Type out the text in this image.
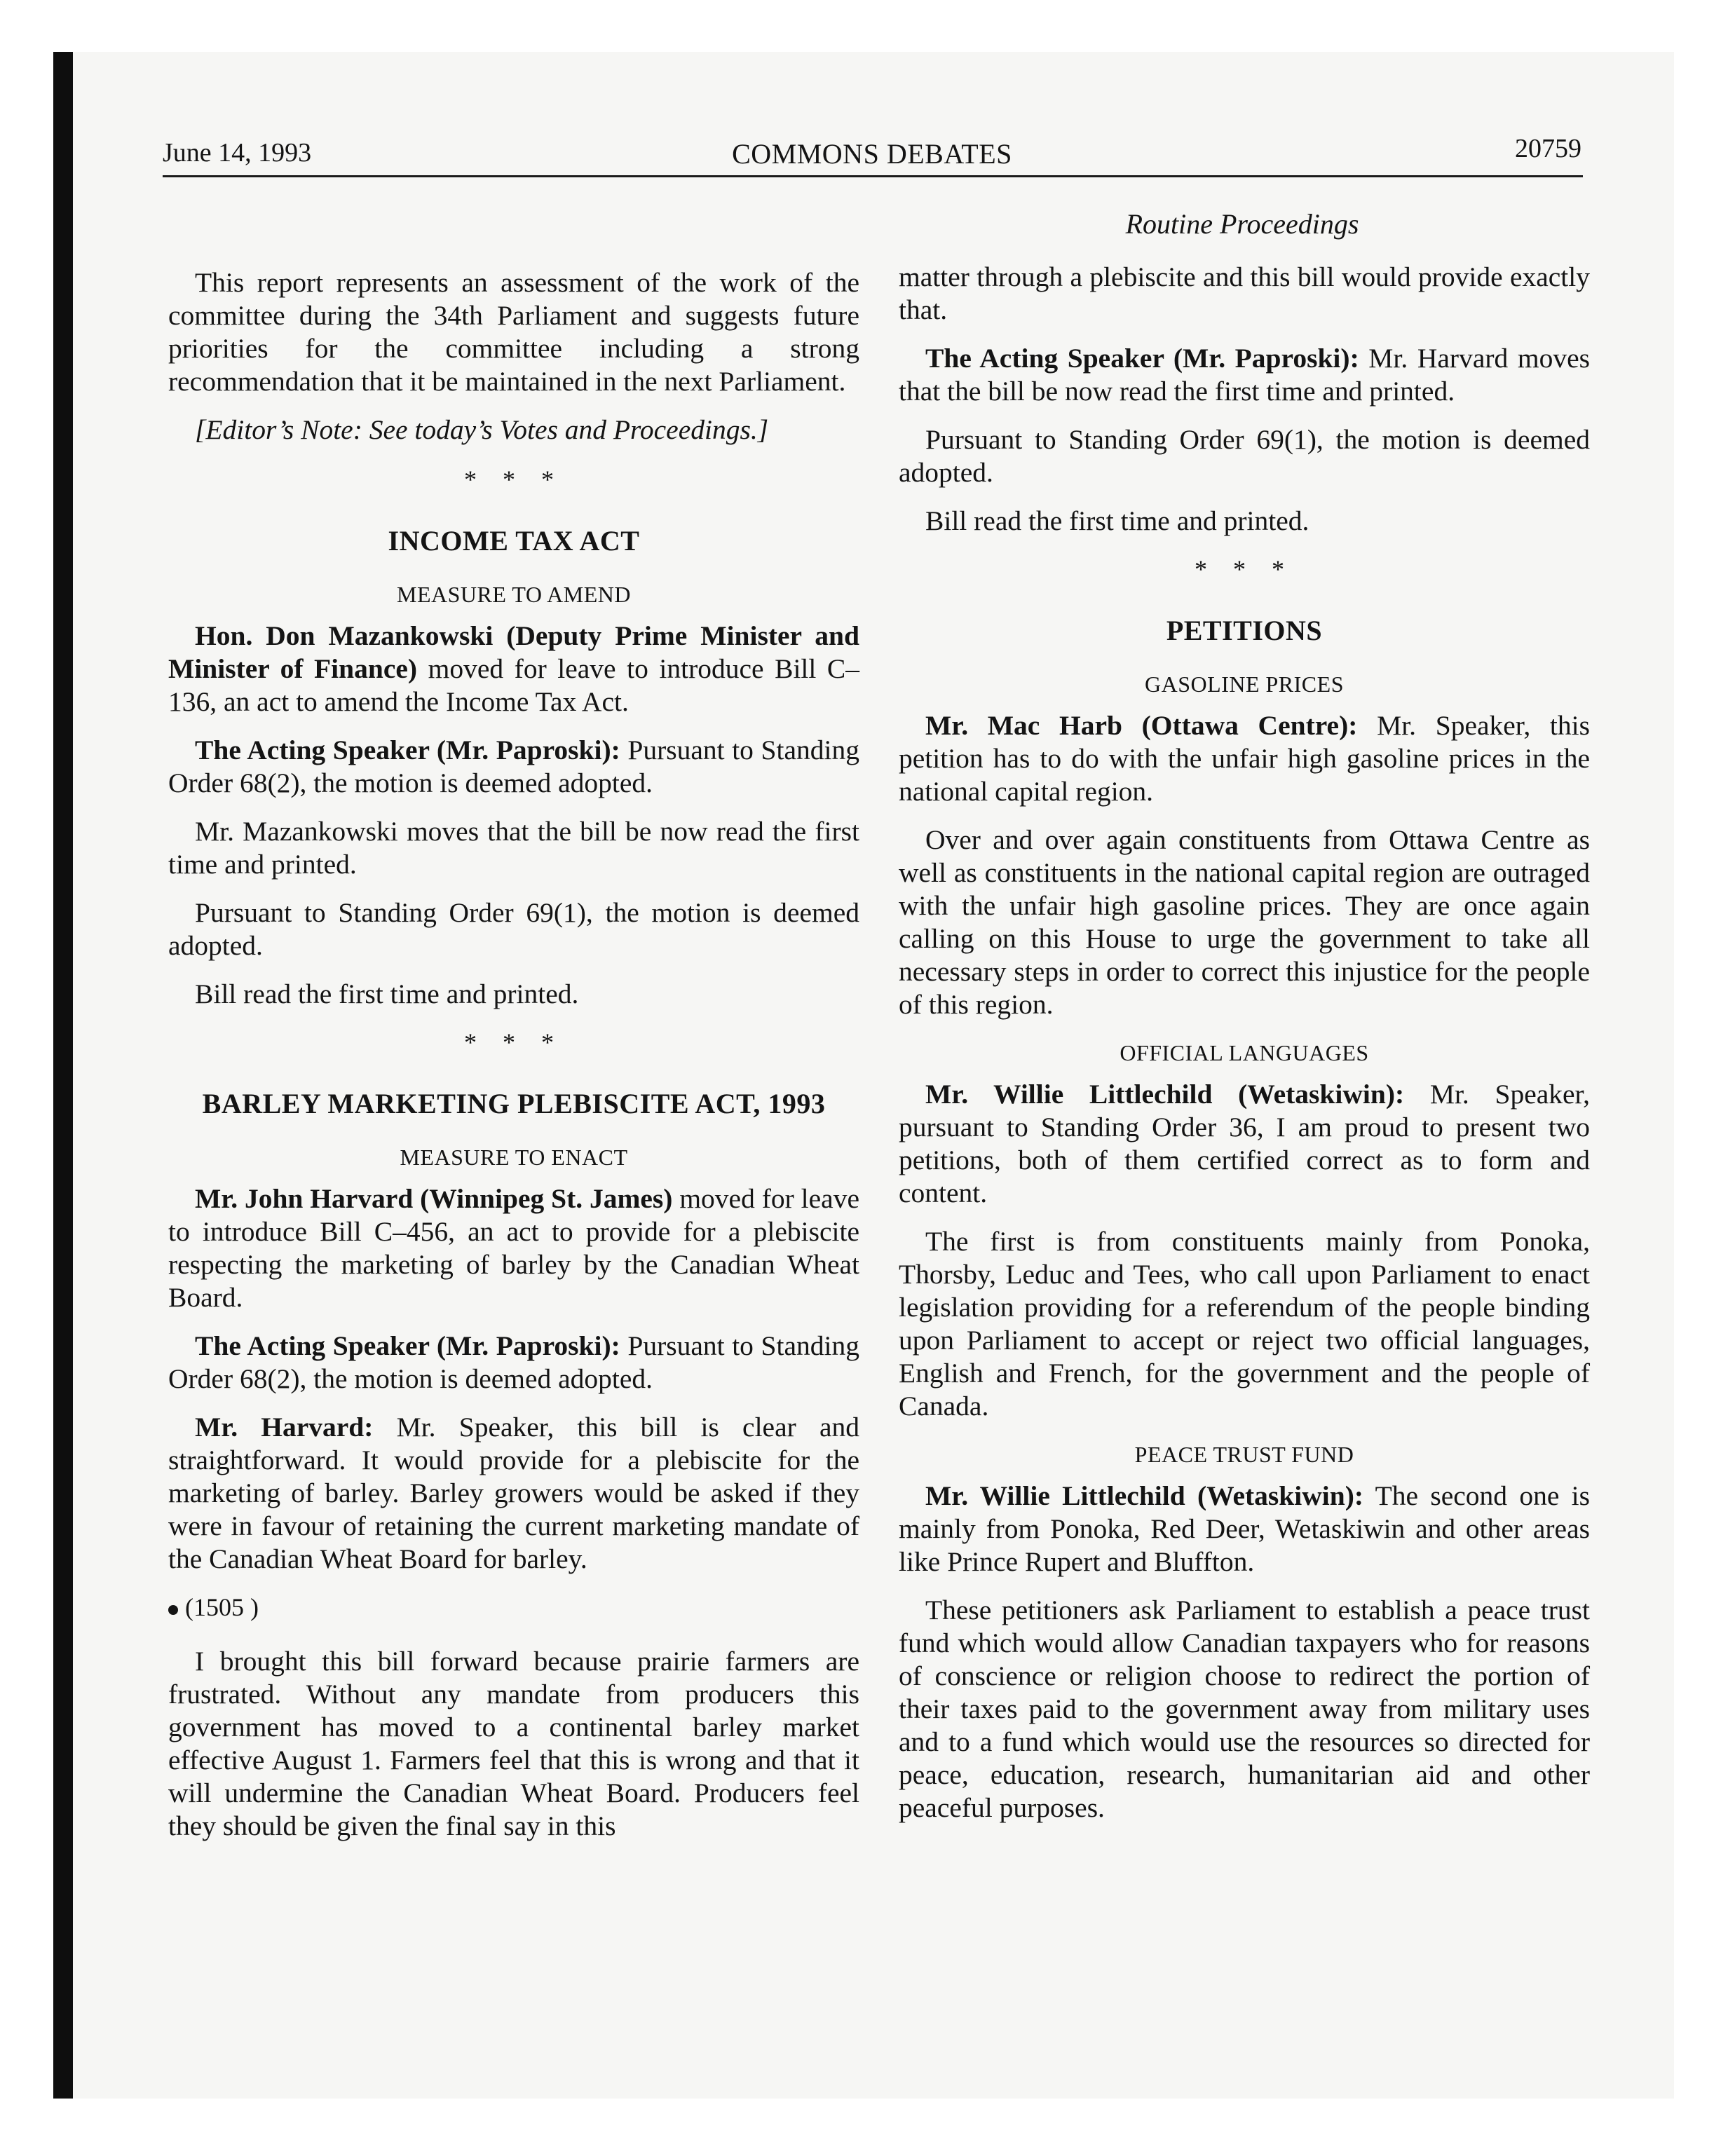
June 14, 1993	COMMONS DEBATES	20759
Routine Proceedings

This report represents an assessment of the work of the committee during the 34th Parliament and suggests future priorities for the committee including a strong recommendation that it be maintained in the next Parliament.

[Editor’s Note: See today’s Votes and Proceedings.]

* * *
INCOME TAX ACT
MEASURE TO AMEND

Hon. Don Mazankowski (Deputy Prime Minister and Minister of Finance) moved for leave to introduce Bill C–136, an act to amend the Income Tax Act.

The Acting Speaker (Mr. Paproski): Pursuant to Standing Order 68(2), the motion is deemed adopted.

Mr. Mazankowski moves that the bill be now read the first time and printed.

Pursuant to Standing Order 69(1), the motion is deemed adopted.

Bill read the first time and printed.

* * *
BARLEY MARKETING PLEBISCITE ACT, 1993
MEASURE TO ENACT

Mr. John Harvard (Winnipeg St. James) moved for leave to introduce Bill C–456, an act to provide for a plebiscite respecting the marketing of barley by the Canadian Wheat Board.

The Acting Speaker (Mr. Paproski): Pursuant to Standing Order 68(2), the motion is deemed adopted.

Mr. Harvard: Mr. Speaker, this bill is clear and straightforward. It would provide for a plebiscite for the marketing of barley. Barley growers would be asked if they were in favour of retaining the current marketing mandate of the Canadian Wheat Board for barley.

(1505 )

I brought this bill forward because prairie farmers are frustrated. Without any mandate from producers this government has moved to a continental barley market effective August 1. Farmers feel that this is wrong and that it will undermine the Canadian Wheat Board. Producers feel they should be given the final say in this

matter through a plebiscite and this bill would provide exactly that.

The Acting Speaker (Mr. Paproski): Mr. Harvard moves that the bill be now read the first time and printed.

Pursuant to Standing Order 69(1), the motion is deemed adopted.

Bill read the first time and printed.

* * *
PETITIONS
GASOLINE PRICES

Mr. Mac Harb (Ottawa Centre): Mr. Speaker, this petition has to do with the unfair high gasoline prices in the national capital region.

Over and over again constituents from Ottawa Centre as well as constituents in the national capital region are outraged with the unfair high gasoline prices. They are once again calling on this House to urge the government to take all necessary steps in order to correct this injustice for the people of this region.

OFFICIAL LANGUAGES

Mr. Willie Littlechild (Wetaskiwin): Mr. Speaker, pursuant to Standing Order 36, I am proud to present two petitions, both of them certified correct as to form and content.

The first is from constituents mainly from Ponoka, Thorsby, Leduc and Tees, who call upon Parliament to enact legislation providing for a referendum of the people binding upon Parliament to accept or reject two official languages, English and French, for the government and the people of Canada.

PEACE TRUST FUND

Mr. Willie Littlechild (Wetaskiwin): The second one is mainly from Ponoka, Red Deer, Wetaskiwin and other areas like Prince Rupert and Bluffton.

These petitioners ask Parliament to establish a peace trust fund which would allow Canadian taxpayers who for reasons of conscience or religion choose to redirect the portion of their taxes paid to the government away from military uses and to a fund which would use the resources so directed for peace, education, research, humanitarian aid and other peaceful purposes.
